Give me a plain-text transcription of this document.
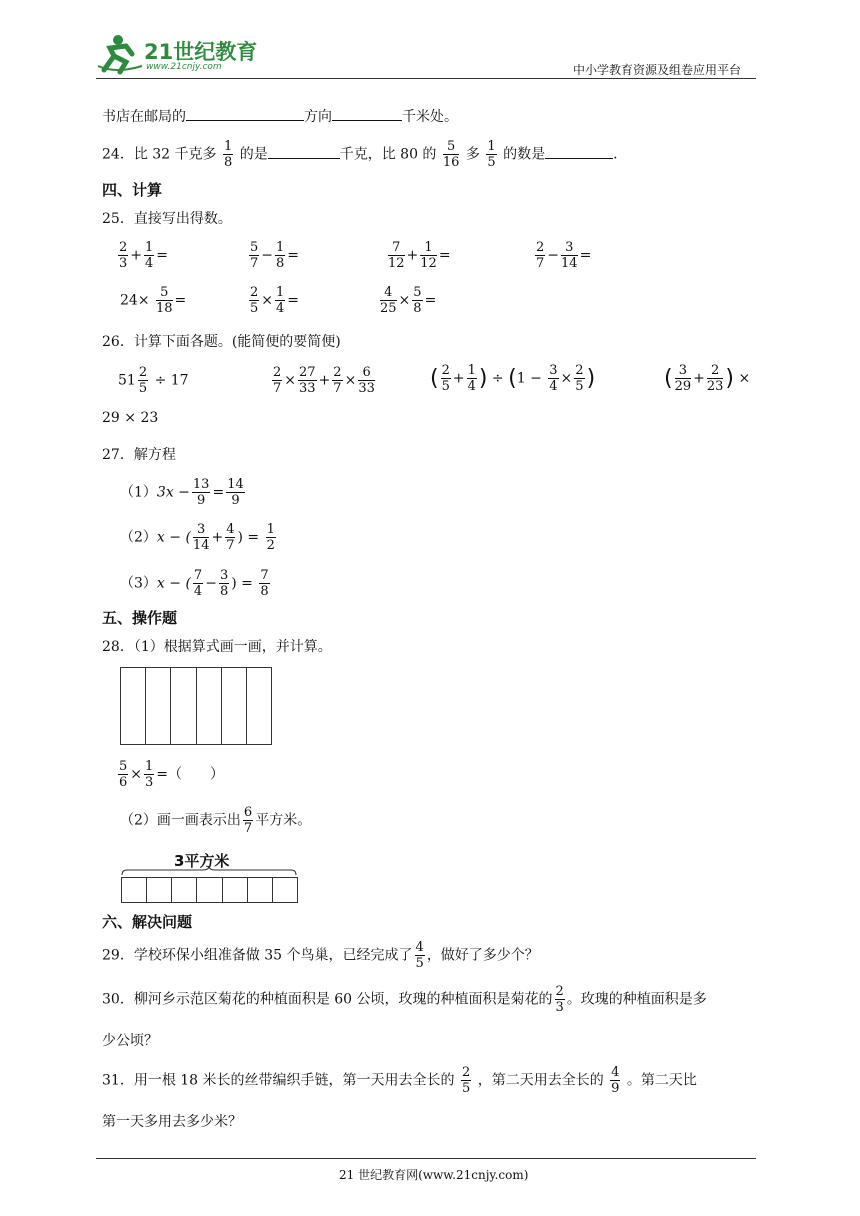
21世纪教育
www.21cnjy.com	中小学教育资源及组卷应用平台
书店在邮局的	方向	千米处。
24．比 32 千克多 $\frac{1}{8}$ 的是	千克，比 80 的 $\frac{5}{16}$ 多 $\frac{1}{5}$ 的数是	.
四、计算
25．直接写出得数。
$\frac{2}{3} + \frac{1}{4}$ =	$\frac{5}{7} - \frac{1}{8}$ =	$\frac{7}{12} + \frac{1}{12}$ =	$\frac{2}{7} - \frac{3}{14}$ =
$24\times \frac{5}{18}$ =	$\frac{2}{5} \times \frac{1}{4}$ =	$\frac{4}{25} \times \frac{5}{8}$ =
26．计算下面各题。(能简便的要简便)
$51 \frac{2}{5} \div 17$	$\frac{2}{7} \times \frac{27}{33} + \frac{2}{7} \times \frac{6}{33}$	( $\frac{2}{5} + \frac{1}{4}$ ) ÷ ($1 - \frac{3}{4} \times \frac{2}{5}$ )	( $\frac{3}{29} + \frac{2}{23}$ ) ×
29 × 23
27．解方程
$(1)3x - \frac{13}{9} = \frac{14}{9}$
（2）x − ( $\frac{3}{14} + \frac{4}{7}$ ) = $\frac{1}{2}$
（3）x − ( $\frac{7}{4} - \frac{3}{8}$ ) = $\frac{7}{8}$
五、操作题
28．（1）根据算式画一画，并计算。
$\frac{5}{6} \times \frac{1}{3}$ =（　　）
（2）画一画表示出 $\frac{6}{7}$ 平方米。
3平方米
六、解决问题
29．学校环保小组准备做 35 个鸟巢，已经完成了 $\frac{4}{5}$ ，做好了多少个？
30．柳河乡示范区菊花的种植面积是 60 公顷，玫瑰的种植面积是菊花的 $\frac{2}{3}$ 。玫瑰的种植面积是多
少公顷？
31．用一根 18 米长的丝带编织手链，第一天用去全长的 $\frac{2}{5}$ ，第二天用去全长的 $\frac{4}{9}$ 。第二天比
第一天多用去多少米？
21 世纪教育网(www.21cnjy.com)
